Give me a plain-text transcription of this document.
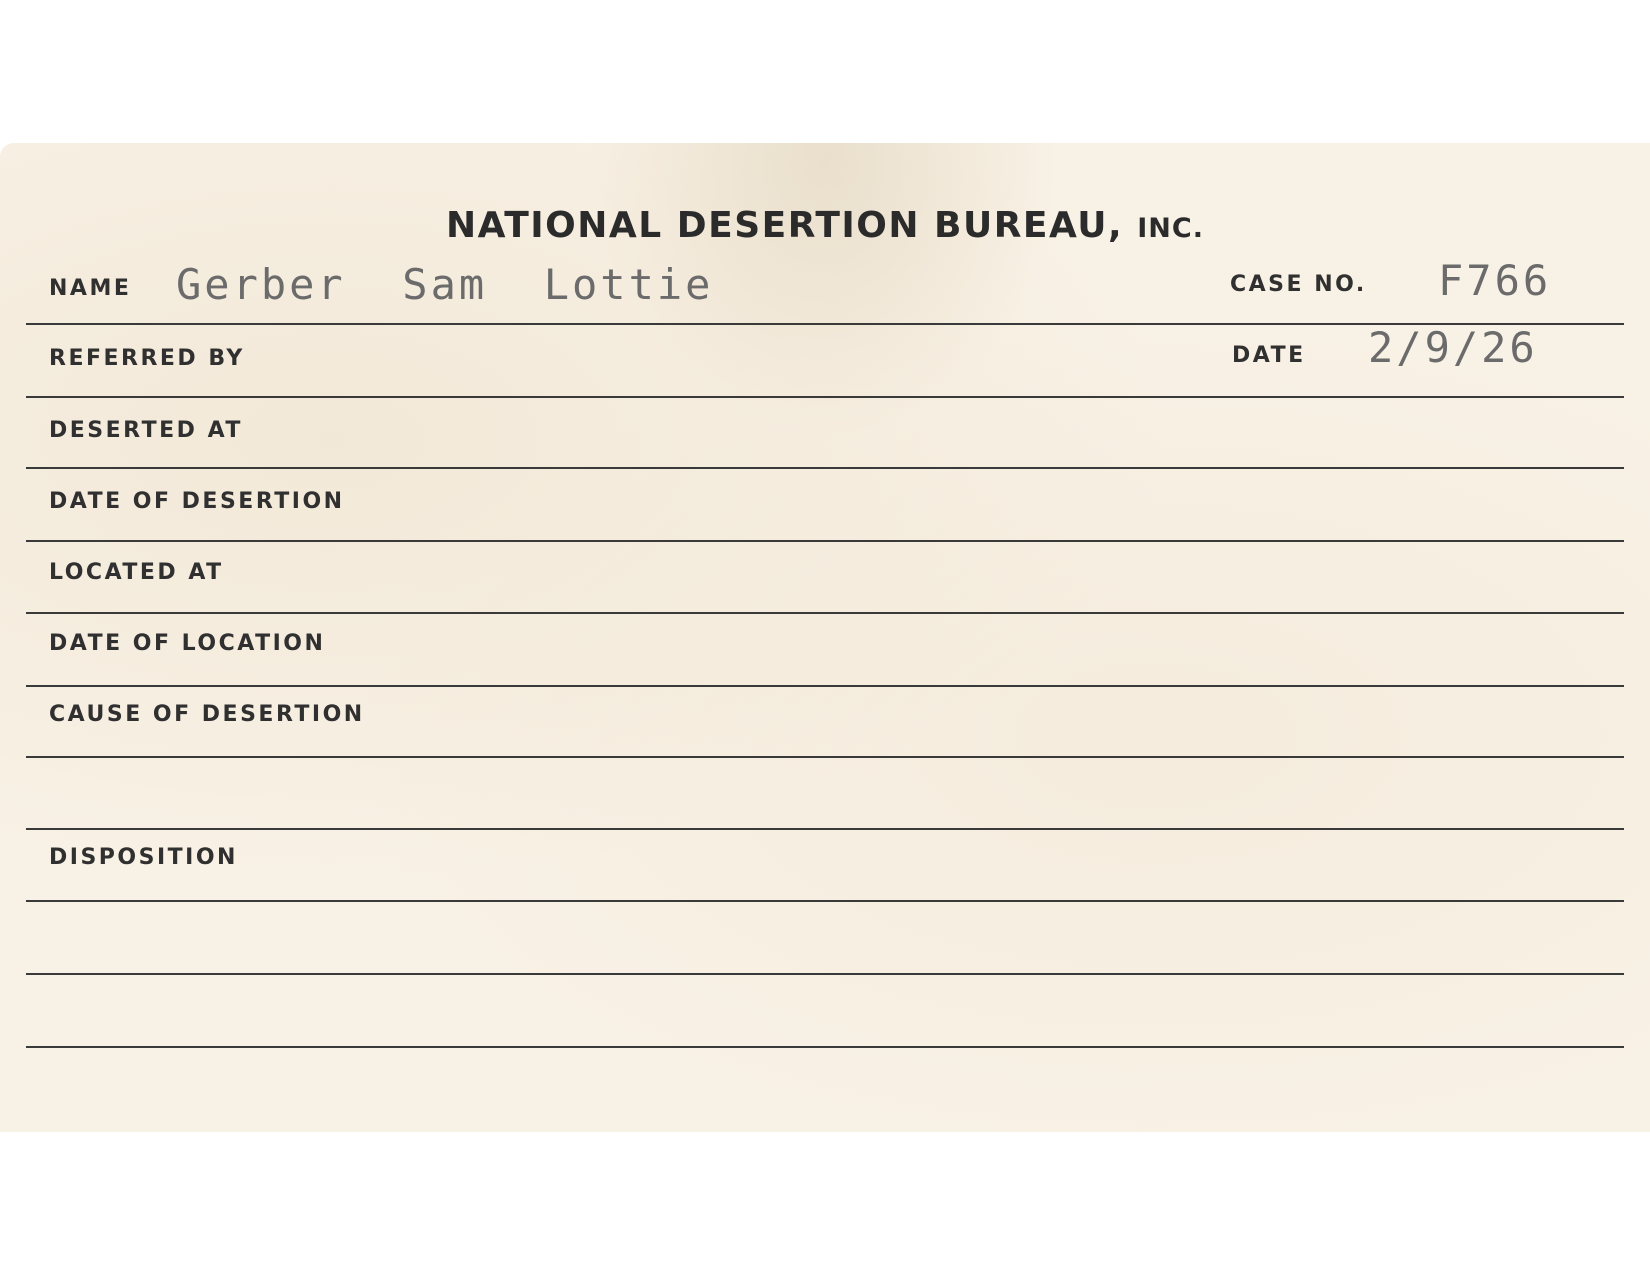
NATIONAL DESERTION BUREAU, INC.
NAME Gerber  Sam  Lottie	CASE NO. F766
REFERRED BY	DATE 2/9/26
DESERTED AT
DATE OF DESERTION
LOCATED AT
DATE OF LOCATION
CAUSE OF DESERTION
DISPOSITION
